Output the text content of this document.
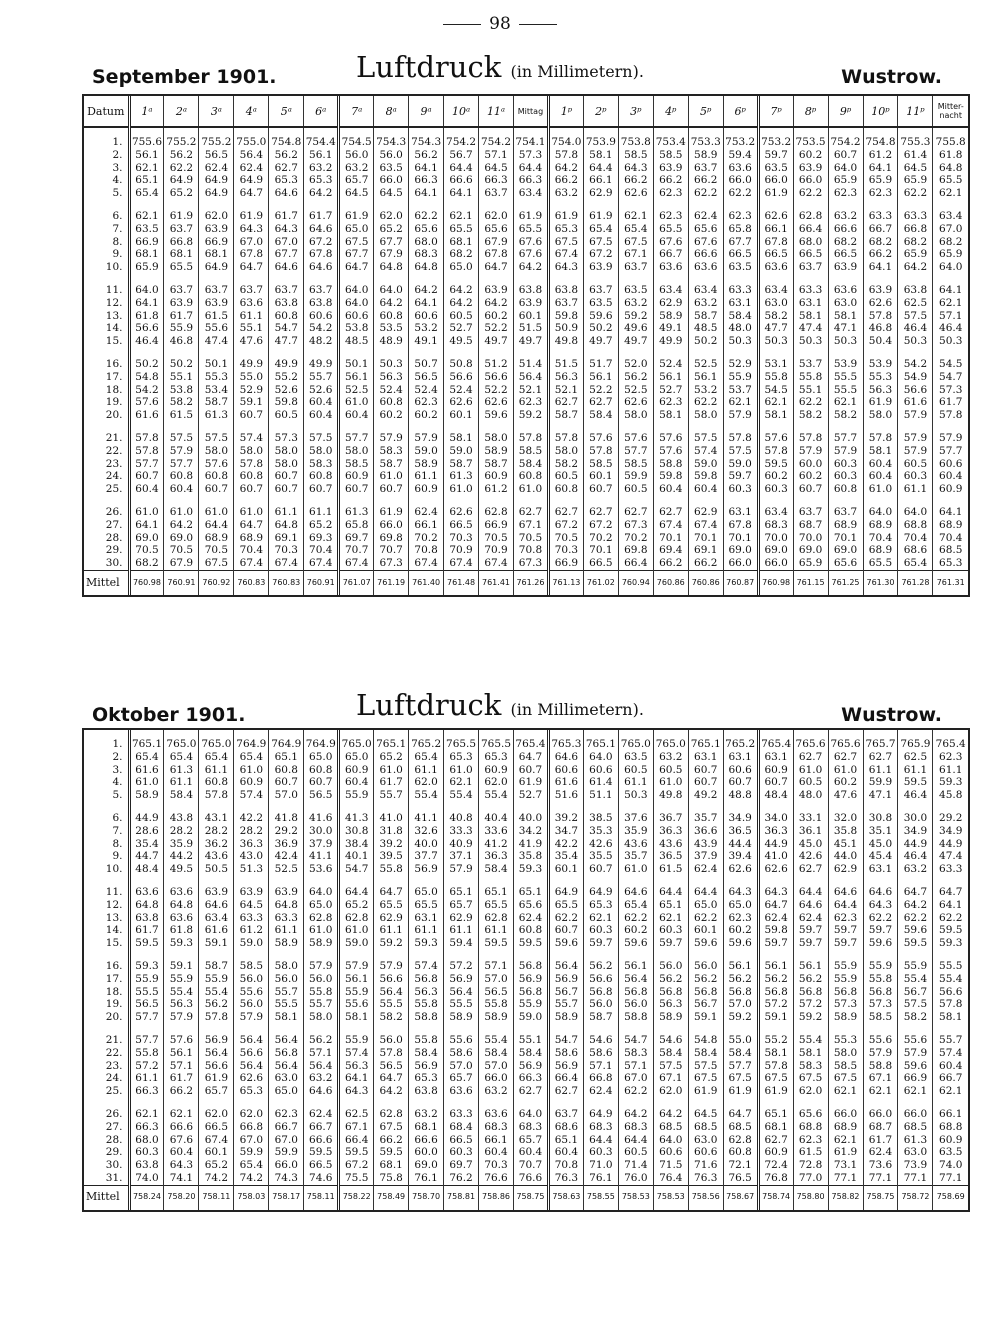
98
September 1901.	Luftdruck (in Millimetern).	Wustrow.
Datum	1ᵃ	2ᵃ	3ᵃ	4ᵃ	5ᵃ	6ᵃ	7ᵃ	8ᵃ	9ᵃ	10ᵃ	11ᵃ	Mittag	1ᵖ	2ᵖ	3ᵖ	4ᵖ	5ᵖ	6ᵖ	7ᵖ	8ᵖ	9ᵖ	10ᵖ	11ᵖ	Mitter-nacht
1.	755.6	755.2	755.2	755.0	754.8	754.4	754.5	754.3	754.3	754.2	754.2	754.1	754.0	753.9	753.8	753.4	753.3	753.2	753.2	753.5	754.2	754.8	755.3	755.8
2.	56.1	56.2	56.5	56.4	56.2	56.1	56.0	56.0	56.2	56.7	57.1	57.3	57.8	58.1	58.5	58.5	58.9	59.4	59.7	60.2	60.7	61.2	61.4	61.8
3.	62.1	62.2	62.4	62.4	62.7	63.2	63.2	63.5	64.1	64.4	64.5	64.4	64.2	64.4	64.3	63.9	63.7	63.6	63.5	63.9	64.0	64.1	64.5	64.8
4.	65.1	64.9	64.9	64.9	65.3	65.3	65.7	66.0	66.3	66.6	66.3	66.3	66.2	66.1	66.2	66.2	66.2	66.0	66.0	66.0	65.9	65.9	65.9	65.5
5.	65.4	65.2	64.9	64.7	64.6	64.2	64.5	64.5	64.1	64.1	63.7	63.4	63.2	62.9	62.6	62.3	62.2	62.2	61.9	62.2	62.3	62.3	62.2	62.1

6.	62.1	61.9	62.0	61.9	61.7	61.7	61.9	62.0	62.2	62.1	62.0	61.9	61.9	61.9	62.1	62.3	62.4	62.3	62.6	62.8	63.2	63.3	63.3	63.4
7.	63.5	63.7	63.9	64.3	64.3	64.6	65.0	65.2	65.6	65.5	65.6	65.5	65.3	65.4	65.4	65.5	65.6	65.8	66.1	66.4	66.6	66.7	66.8	67.0
8.	66.9	66.8	66.9	67.0	67.0	67.2	67.5	67.7	68.0	68.1	67.9	67.6	67.5	67.5	67.5	67.6	67.6	67.7	67.8	68.0	68.2	68.2	68.2	68.2
9.	68.1	68.1	68.1	67.8	67.7	67.8	67.7	67.9	68.3	68.2	67.8	67.6	67.4	67.2	67.1	66.7	66.6	66.5	66.5	66.5	66.5	66.2	65.9	65.9
10.	65.9	65.5	64.9	64.7	64.6	64.6	64.7	64.8	64.8	65.0	64.7	64.2	64.3	63.9	63.7	63.6	63.6	63.5	63.6	63.7	63.9	64.1	64.2	64.0

11.	64.0	63.7	63.7	63.7	63.7	63.7	64.0	64.0	64.2	64.2	63.9	63.8	63.8	63.7	63.5	63.4	63.4	63.3	63.4	63.3	63.6	63.9	63.8	64.1
12.	64.1	63.9	63.9	63.6	63.8	63.8	64.0	64.2	64.1	64.2	64.2	63.9	63.7	63.5	63.2	62.9	63.2	63.1	63.0	63.1	63.0	62.6	62.5	62.1
13.	61.8	61.7	61.5	61.1	60.8	60.6	60.6	60.8	60.6	60.5	60.2	60.1	59.8	59.6	59.2	58.9	58.7	58.4	58.2	58.1	58.1	57.8	57.5	57.1
14.	56.6	55.9	55.6	55.1	54.7	54.2	53.8	53.5	53.2	52.7	52.2	51.5	50.9	50.2	49.6	49.1	48.5	48.0	47.7	47.4	47.1	46.8	46.4	46.4
15.	46.4	46.8	47.4	47.6	47.7	48.2	48.5	48.9	49.1	49.5	49.7	49.7	49.8	49.7	49.7	49.9	50.2	50.3	50.3	50.3	50.3	50.4	50.3	50.3

16.	50.2	50.2	50.1	49.9	49.9	49.9	50.1	50.3	50.7	50.8	51.2	51.4	51.5	51.7	52.0	52.4	52.5	52.9	53.1	53.7	53.9	53.9	54.2	54.5
17.	54.8	55.1	55.3	55.0	55.2	55.7	56.1	56.3	56.5	56.6	56.6	56.4	56.3	56.1	56.2	56.1	56.1	55.9	55.8	55.8	55.5	55.3	54.9	54.7
18.	54.2	53.8	53.4	52.9	52.6	52.6	52.5	52.4	52.4	52.4	52.2	52.1	52.1	52.2	52.5	52.7	53.2	53.7	54.5	55.1	55.5	56.3	56.6	57.3
19.	57.6	58.2	58.7	59.1	59.8	60.4	61.0	60.8	62.3	62.6	62.6	62.3	62.7	62.7	62.6	62.3	62.2	62.1	62.1	62.2	62.1	61.9	61.6	61.7
20.	61.6	61.5	61.3	60.7	60.5	60.4	60.4	60.2	60.2	60.1	59.6	59.2	58.7	58.4	58.0	58.1	58.0	57.9	58.1	58.2	58.2	58.0	57.9	57.8

21.	57.8	57.5	57.5	57.4	57.3	57.5	57.7	57.9	57.9	58.1	58.0	57.8	57.8	57.6	57.6	57.6	57.5	57.8	57.6	57.8	57.7	57.8	57.9	57.9
22.	57.8	57.9	58.0	58.0	58.0	58.0	58.0	58.3	59.0	59.0	58.9	58.5	58.0	57.8	57.7	57.6	57.4	57.5	57.8	57.9	57.9	58.1	57.9	57.7
23.	57.7	57.7	57.6	57.8	58.0	58.3	58.5	58.7	58.9	58.7	58.7	58.4	58.2	58.5	58.5	58.8	59.0	59.0	59.5	60.0	60.3	60.4	60.5	60.6
24.	60.7	60.8	60.8	60.8	60.7	60.8	60.9	61.0	61.1	61.3	60.9	60.8	60.5	60.1	59.9	59.8	59.8	59.7	60.2	60.2	60.3	60.4	60.3	60.4
25.	60.4	60.4	60.7	60.7	60.7	60.7	60.7	60.7	60.9	61.0	61.2	61.0	60.8	60.7	60.5	60.4	60.4	60.3	60.3	60.7	60.8	61.0	61.1	60.9

26.	61.0	61.0	61.0	61.0	61.1	61.1	61.3	61.9	62.4	62.6	62.8	62.7	62.7	62.7	62.7	62.7	62.9	63.1	63.4	63.7	63.7	64.0	64.0	64.1
27.	64.1	64.2	64.4	64.7	64.8	65.2	65.8	66.0	66.1	66.5	66.9	67.1	67.2	67.2	67.3	67.4	67.4	67.8	68.3	68.7	68.9	68.9	68.8	68.9
28.	69.0	69.0	68.9	68.9	69.1	69.3	69.7	69.8	70.2	70.3	70.5	70.5	70.5	70.2	70.2	70.1	70.1	70.1	70.0	70.0	70.1	70.4	70.4	70.4
29.	70.5	70.5	70.5	70.4	70.3	70.4	70.7	70.7	70.8	70.9	70.9	70.8	70.3	70.1	69.8	69.4	69.1	69.0	69.0	69.0	69.0	68.9	68.6	68.5
30.	68.2	67.9	67.5	67.4	67.4	67.4	67.4	67.3	67.4	67.4	67.4	67.3	66.9	66.5	66.4	66.2	66.2	66.0	66.0	65.9	65.6	65.5	65.4	65.3
Mittel	760.98	760.91	760.92	760.83	760.83	760.91	761.07	761.19	761.40	761.48	761.41	761.26	761.13	761.02	760.94	760.86	760.86	760.87	760.98	761.15	761.25	761.30	761.28	761.31
Oktober 1901.	Luftdruck (in Millimetern).	Wustrow.
1.	765.1	765.0	765.0	764.9	764.9	764.9	765.0	765.1	765.2	765.5	765.5	765.4	765.3	765.1	765.0	765.0	765.1	765.2	765.4	765.6	765.6	765.7	765.9	765.4
2.	65.4	65.4	65.4	65.4	65.1	65.0	65.0	65.2	65.4	65.3	65.3	64.7	64.6	64.0	63.5	63.2	63.1	63.1	63.1	62.7	62.7	62.7	62.5	62.3
3.	61.6	61.3	61.1	61.0	60.8	60.8	60.9	61.0	61.1	61.0	60.9	60.7	60.6	60.6	60.5	60.5	60.7	60.6	60.9	61.0	61.0	61.1	61.1	61.1
4.	61.0	61.1	60.8	60.9	60.7	60.7	60.4	61.7	62.0	62.1	62.0	61.9	61.6	61.4	61.1	61.0	60.7	60.7	60.7	60.5	60.2	59.9	59.5	59.3
5.	58.9	58.4	57.8	57.4	57.0	56.5	55.9	55.7	55.4	55.4	55.4	52.7	51.6	51.1	50.3	49.8	49.2	48.8	48.4	48.0	47.6	47.1	46.4	45.8

6.	44.9	43.8	43.1	42.2	41.8	41.6	41.3	41.0	41.1	40.8	40.4	40.0	39.2	38.5	37.6	36.7	35.7	34.9	34.0	33.1	32.0	30.8	30.0	29.2
7.	28.6	28.2	28.2	28.2	29.2	30.0	30.8	31.8	32.6	33.3	33.6	34.2	34.7	35.3	35.9	36.3	36.6	36.5	36.3	36.1	35.8	35.1	34.9	34.9
8.	35.4	35.9	36.2	36.3	36.9	37.9	38.4	39.2	40.0	40.9	41.2	41.9	42.2	42.6	43.6	43.6	43.9	44.4	44.9	45.0	45.1	45.0	44.9	44.9
9.	44.7	44.2	43.6	43.0	42.4	41.1	40.1	39.5	37.7	37.1	36.3	35.8	35.4	35.5	35.7	36.5	37.9	39.4	41.0	42.6	44.0	45.4	46.4	47.4
10.	48.4	49.5	50.5	51.3	52.5	53.6	54.7	55.8	56.9	57.9	58.4	59.3	60.1	60.7	61.0	61.5	62.4	62.6	62.6	62.7	62.9	63.1	63.2	63.3

11.	63.6	63.6	63.9	63.9	63.9	64.0	64.4	64.7	65.0	65.1	65.1	65.1	64.9	64.9	64.6	64.4	64.4	64.3	64.3	64.4	64.6	64.6	64.7	64.7
12.	64.8	64.8	64.6	64.5	64.8	65.0	65.2	65.5	65.5	65.7	65.5	65.6	65.5	65.3	65.4	65.1	65.0	65.0	64.7	64.6	64.4	64.3	64.2	64.1
13.	63.8	63.6	63.4	63.3	63.3	62.8	62.8	62.9	63.1	62.9	62.8	62.4	62.2	62.1	62.2	62.1	62.2	62.3	62.4	62.4	62.3	62.2	62.2	62.2
14.	61.7	61.8	61.6	61.2	61.1	61.0	61.0	61.1	61.1	61.1	61.1	60.8	60.7	60.3	60.2	60.3	60.1	60.2	59.8	59.7	59.7	59.7	59.6	59.5
15.	59.5	59.3	59.1	59.0	58.9	58.9	59.0	59.2	59.3	59.4	59.5	59.5	59.6	59.7	59.6	59.7	59.6	59.6	59.7	59.7	59.7	59.6	59.5	59.3

16.	59.3	59.1	58.7	58.5	58.0	57.9	57.9	57.9	57.4	57.2	57.1	56.8	56.4	56.2	56.1	56.0	56.0	56.1	56.1	56.1	55.9	55.9	55.9	55.5
17.	55.9	55.9	55.9	56.0	56.0	56.0	56.1	56.6	56.8	56.9	57.0	56.9	56.9	56.6	56.4	56.2	56.2	56.2	56.2	56.2	55.9	55.8	55.4	55.4
18.	55.5	55.4	55.4	55.6	55.7	55.8	55.9	56.4	56.3	56.4	56.5	56.8	56.7	56.8	56.8	56.8	56.8	56.8	56.8	56.8	56.8	56.8	56.7	56.6
19.	56.5	56.3	56.2	56.0	55.5	55.7	55.6	55.5	55.8	55.5	55.8	55.9	55.7	56.0	56.0	56.3	56.7	57.0	57.2	57.2	57.3	57.3	57.5	57.8
20.	57.7	57.9	57.8	57.9	58.1	58.0	58.1	58.2	58.8	58.9	58.9	59.0	58.9	58.7	58.8	58.9	59.1	59.2	59.1	59.2	58.9	58.5	58.2	58.1

21.	57.7	57.6	56.9	56.4	56.4	56.2	55.9	56.0	55.8	55.6	55.4	55.1	54.7	54.6	54.7	54.6	54.8	55.0	55.2	55.4	55.3	55.6	55.6	55.7
22.	55.8	56.1	56.4	56.6	56.8	57.1	57.4	57.8	58.4	58.6	58.4	58.4	58.6	58.6	58.3	58.4	58.4	58.4	58.1	58.1	58.0	57.9	57.9	57.4
23.	57.2	57.1	56.6	56.4	56.4	56.4	56.3	56.5	56.9	57.0	57.0	56.9	56.9	57.1	57.1	57.5	57.5	57.7	57.8	58.3	58.5	58.8	59.6	60.4
24.	61.1	61.7	61.9	62.6	63.0	63.2	64.1	64.7	65.3	65.7	66.0	66.3	66.4	66.8	67.0	67.1	67.5	67.5	67.5	67.5	67.5	67.1	66.9	66.7
25.	66.3	66.2	65.7	65.3	65.0	64.6	64.3	64.2	63.8	63.6	63.2	62.7	62.7	62.4	62.2	62.0	61.9	61.9	61.9	62.0	62.1	62.1	62.1	62.1

26.	62.1	62.1	62.0	62.0	62.3	62.4	62.5	62.8	63.2	63.3	63.6	64.0	63.7	64.9	64.2	64.2	64.5	64.7	65.1	65.6	66.0	66.0	66.0	66.1
27.	66.3	66.6	66.5	66.8	66.7	66.7	67.1	67.5	68.1	68.4	68.3	68.3	68.6	68.3	68.3	68.5	68.5	68.5	68.1	68.8	68.9	68.7	68.5	68.8
28.	68.0	67.6	67.4	67.0	67.0	66.6	66.4	66.2	66.6	66.5	66.1	65.7	65.1	64.4	64.4	64.0	63.0	62.8	62.7	62.3	62.1	61.7	61.3	60.9
29.	60.3	60.4	60.1	59.9	59.9	59.5	59.5	59.5	60.0	60.3	60.4	60.4	60.4	60.3	60.5	60.6	60.6	60.8	60.9	61.5	61.9	62.4	63.0	63.5
30.	63.8	64.3	65.2	65.4	66.0	66.5	67.2	68.1	69.0	69.7	70.3	70.7	70.8	71.0	71.4	71.5	71.6	72.1	72.4	72.8	73.1	73.6	73.9	74.0
31.	74.0	74.1	74.2	74.2	74.3	74.6	75.5	75.8	76.1	76.2	76.6	76.6	76.3	76.1	76.0	76.4	76.3	76.5	76.8	77.0	77.1	77.1	77.1	77.1
Mittel	758.24	758.20	758.11	758.03	758.17	758.11	758.22	758.49	758.70	758.81	758.86	758.75	758.63	758.55	758.53	758.53	758.56	758.67	758.74	758.80	758.82	758.75	758.72	758.69
